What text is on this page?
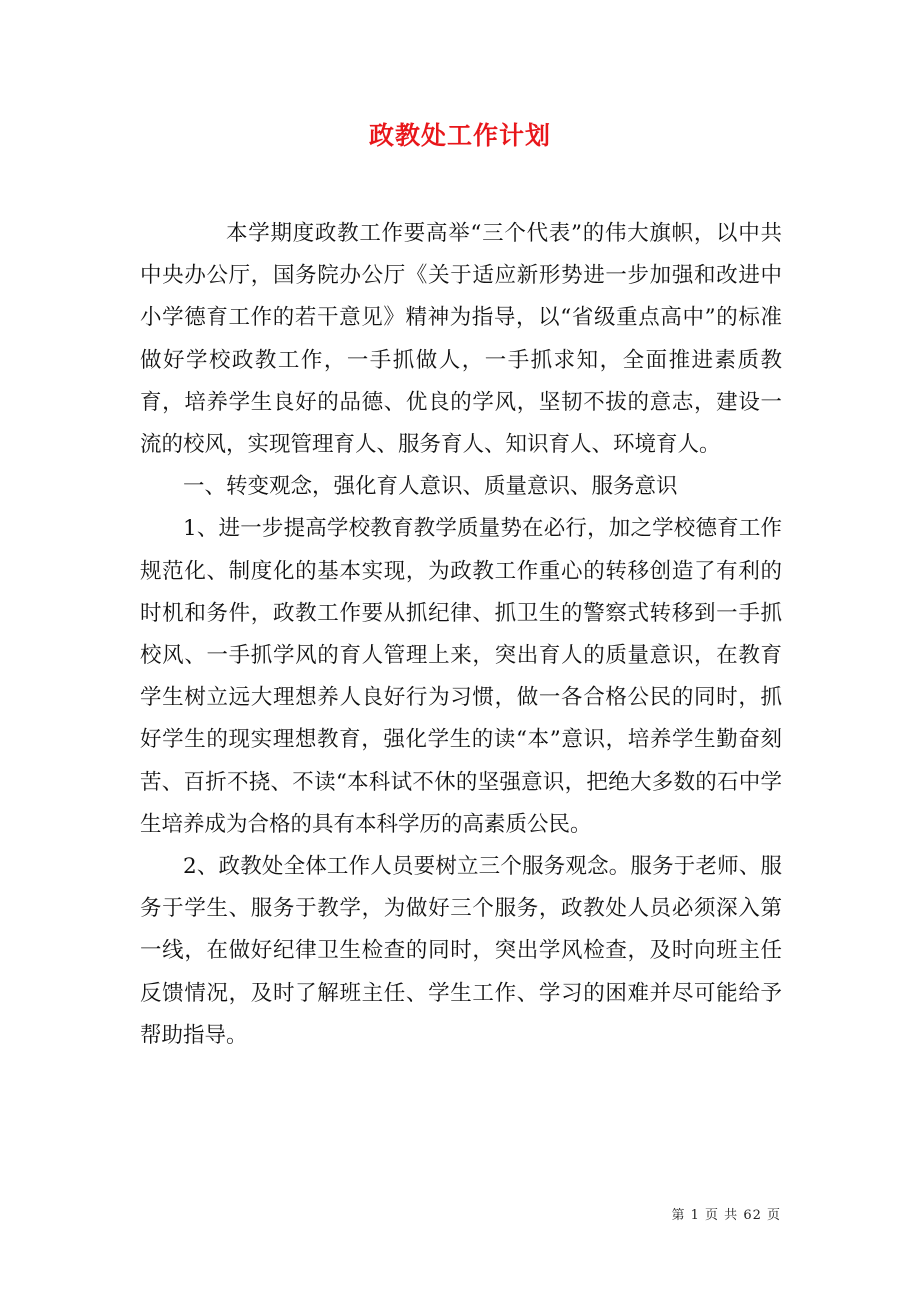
政教处工作计划

本学期度政教工作要高举“三个代表”的伟大旗帜，以中共中央办公厅，国务院办公厅《关于适应新形势进一步加强和改进中小学德育工作的若干意见》精神为指导，以“省级重点高中”的标准做好学校政教工作，一手抓做人，一手抓求知，全面推进素质教育，培养学生良好的品德、优良的学风，坚韧不拔的意志，建设一流的校风，实现管理育人、服务育人、知识育人、环境育人。

一、转变观念，强化育人意识、质量意识、服务意识

1、进一步提高学校教育教学质量势在必行，加之学校德育工作规范化、制度化的基本实现，为政教工作重心的转移创造了有利的时机和务件，政教工作要从抓纪律、抓卫生的警察式转移到一手抓校风、一手抓学风的育人管理上来，突出育人的质量意识，在教育学生树立远大理想养人良好行为习惯，做一各合格公民的同时，抓好学生的现实理想教育，强化学生的读“本”意识，培养学生勤奋刻苦、百折不挠、不读“本科试不休的坚强意识，把绝大多数的石中学生培养成为合格的具有本科学历的高素质公民。

2、政教处全体工作人员要树立三个服务观念。服务于老师、服务于学生、服务于教学，为做好三个服务，政教处人员必须深入第一线，在做好纪律卫生检查的同时，突出学风检查，及时向班主任反馈情况，及时了解班主任、学生工作、学习的困难并尽可能给予帮助指导。

第 1 页 共 62 页
